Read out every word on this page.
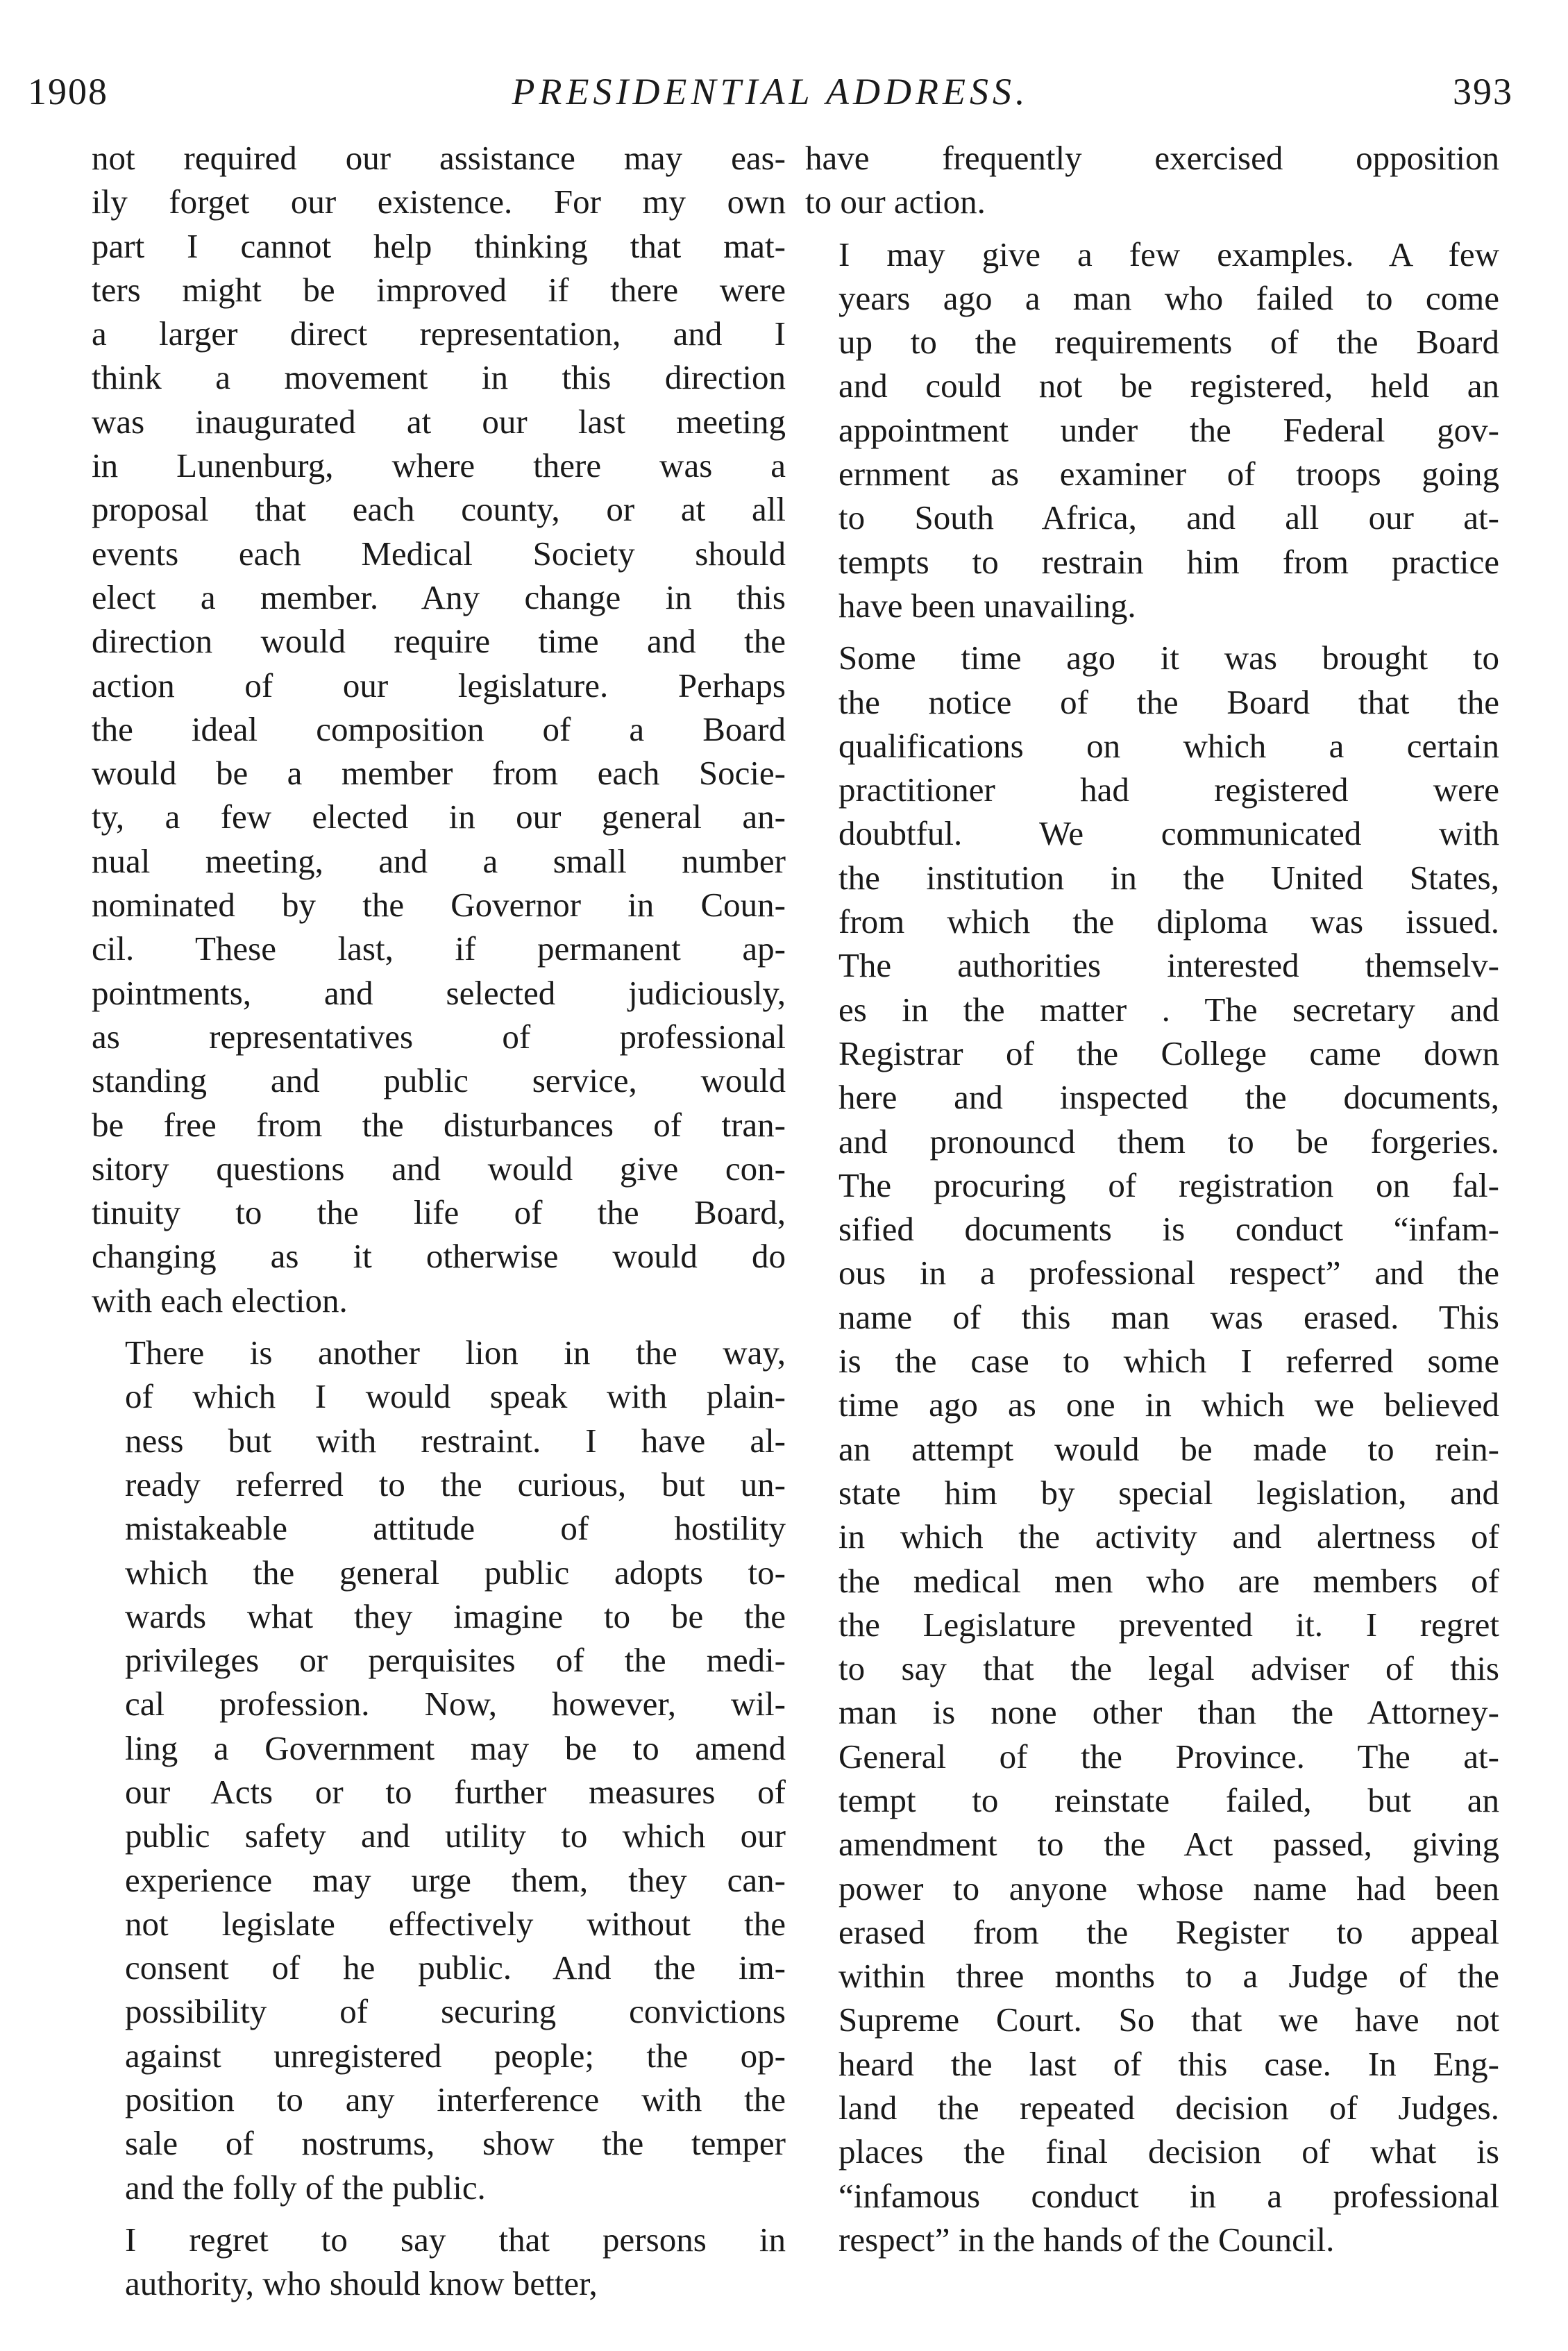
1908	PRESIDENTIAL ADDRESS.	393

not required our assistance may eas-
ily forget our existence. For my own
part I cannot help thinking that mat-
ters might be improved if there were
a larger direct representation, and I
think a movement in this direction
was inaugurated at our last meeting
in Lunenburg, where there was a
proposal that each county, or at all
events each Medical Society should
elect a member. Any change in this
direction would require time and the
action of our legislature. Perhaps
the ideal composition of a Board
would be a member from each Socie-
ty, a few elected in our general an-
nual meeting, and a small number
nominated by the Governor in Coun-
cil. These last, if permanent ap-
pointments, and selected judiciously,
as representatives of professional
standing and public service, would
be free from the disturbances of tran-
sitory questions and would give con-
tinuity to the life of the Board,
changing as it otherwise would do
with each election.

There is another lion in the way,
of which I would speak with plain-
ness but with restraint. I have al-
ready referred to the curious, but un-
mistakeable attitude of hostility
which the general public adopts to-
wards what they imagine to be the
privileges or perquisites of the medi-
cal profession. Now, however, wil-
ling a Government may be to amend
our Acts or to further measures of
public safety and utility to which our
experience may urge them, they can-
not legislate effectively without the
consent of he public. And the im-
possibility of securing convictions
against unregistered people; the op-
position to any interference with the
sale of nostrums, show the temper
and the folly of the public.

I regret to say that persons in
authority, who should know better,

have frequently exercised opposition
to our action.

I may give a few examples. A few
years ago a man who failed to come
up to the requirements of the Board
and could not be registered, held an
appointment under the Federal gov-
ernment as examiner of troops going
to South Africa, and all our at-
tempts to restrain him from practice
have been unavailing.

Some time ago it was brought to
the notice of the Board that the
qualifications on which a certain
practitioner had registered were
doubtful. We communicated with
the institution in the United States,
from which the diploma was issued.
The authorities interested themselv-
es in the matter . The secretary and
Registrar of the College came down
here and inspected the documents,
and pronouncd them to be forgeries.
The procuring of registration on fal-
sified documents is conduct “infam-
ous in a professional respect” and the
name of this man was erased. This
is the case to which I referred some
time ago as one in which we believed
an attempt would be made to rein-
state him by special legislation, and
in which the activity and alertness of
the medical men who are members of
the Legislature prevented it. I regret
to say that the legal adviser of this
man is none other than the Attorney-
General of the Province. The at-
tempt to reinstate failed, but an
amendment to the Act passed, giving
power to anyone whose name had been
erased from the Register to appeal
within three months to a Judge of the
Supreme Court. So that we have not
heard the last of this case. In Eng-
land the repeated decision of Judges.
places the final decision of what is
“infamous conduct in a professional
respect” in the hands of the Council.
